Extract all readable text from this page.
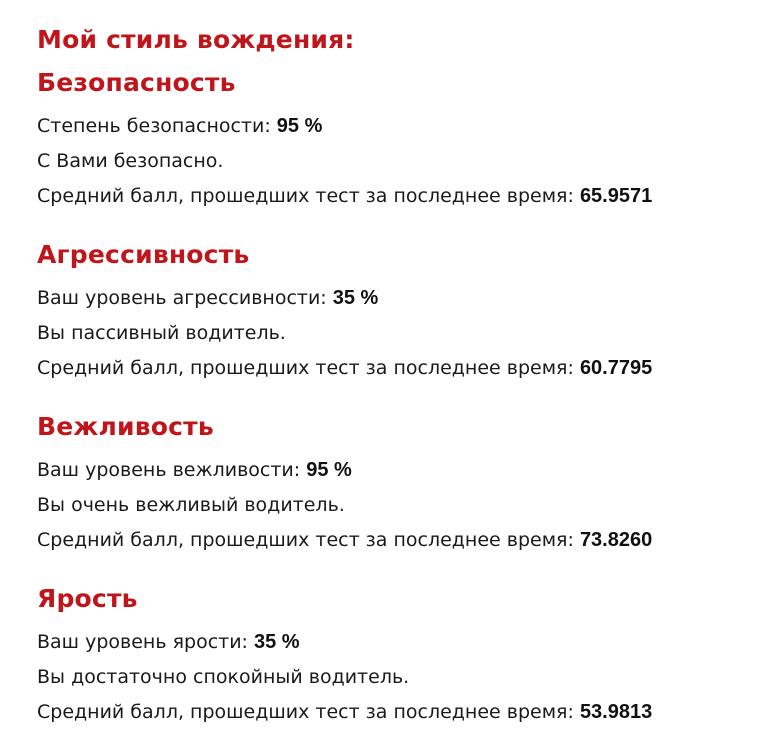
Мой стиль вождения:
Безопасность

Степень безопасности: 95 %

С Вами безопасно.

Средний балл, прошедших тест за последнее время: 65.9571

Агрессивность

Ваш уровень агрессивности: 35 %

Вы пассивный водитель.

Средний балл, прошедших тест за последнее время: 60.7795

Вежливость

Ваш уровень вежливости: 95 %

Вы очень вежливый водитель.

Средний балл, прошедших тест за последнее время: 73.8260

Ярость

Ваш уровень ярости: 35 %

Вы достаточно спокойный водитель.

Средний балл, прошедших тест за последнее время: 53.9813
